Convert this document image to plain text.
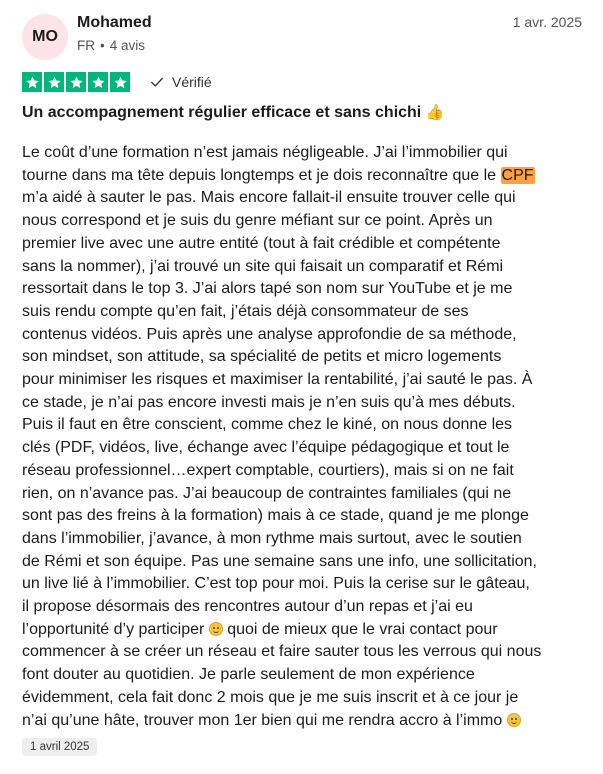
MO
Mohamed
FR • 4 avis
1 avr. 2025
Vérifié
Un accompagnement régulier efficace et sans chichi 👍
Le coût d’une formation n’est jamais négligeable. J’ai l’immobilier qui
tourne dans ma tête depuis longtemps et je dois reconnaître que le CPF
m’a aidé à sauter le pas. Mais encore fallait-il ensuite trouver celle qui
nous correspond et je suis du genre méfiant sur ce point. Après un
premier live avec une autre entité (tout à fait crédible et compétente
sans la nommer), j’ai trouvé un site qui faisait un comparatif et Rémi
ressortait dans le top 3. J’ai alors tapé son nom sur YouTube et je me
suis rendu compte qu’en fait, j’étais déjà consommateur de ses
contenus vidéos. Puis après une analyse approfondie de sa méthode,
son mindset, son attitude, sa spécialité de petits et micro logements
pour minimiser les risques et maximiser la rentabilité, j’ai sauté le pas. À
ce stade, je n’ai pas encore investi mais je n’en suis qu’à mes débuts.
Puis il faut en être conscient, comme chez le kiné, on nous donne les
clés (PDF, vidéos, live, échange avec l’équipe pédagogique et tout le
réseau professionnel…expert comptable, courtiers), mais si on ne fait
rien, on n’avance pas. J’ai beaucoup de contraintes familiales (qui ne
sont pas des freins à la formation) mais à ce stade, quand je me plonge
dans l’immobilier, j’avance, à mon rythme mais surtout, avec le soutien
de Rémi et son équipe. Pas une semaine sans une info, une sollicitation,
un live lié à l’immobilier. C’est top pour moi. Puis la cerise sur le gâteau,
il propose désormais des rencontres autour d’un repas et j’ai eu
l’opportunité d’y participer
quoi de mieux que le vrai contact pour
commencer à se créer un réseau et faire sauter tous les verrous qui nous
font douter au quotidien. Je parle seulement de mon expérience
évidemment, cela fait donc 2 mois que je me suis inscrit et à ce jour je
n’ai qu’une hâte, trouver mon 1er bien qui me rendra accro à l’immo
1 avril 2025
